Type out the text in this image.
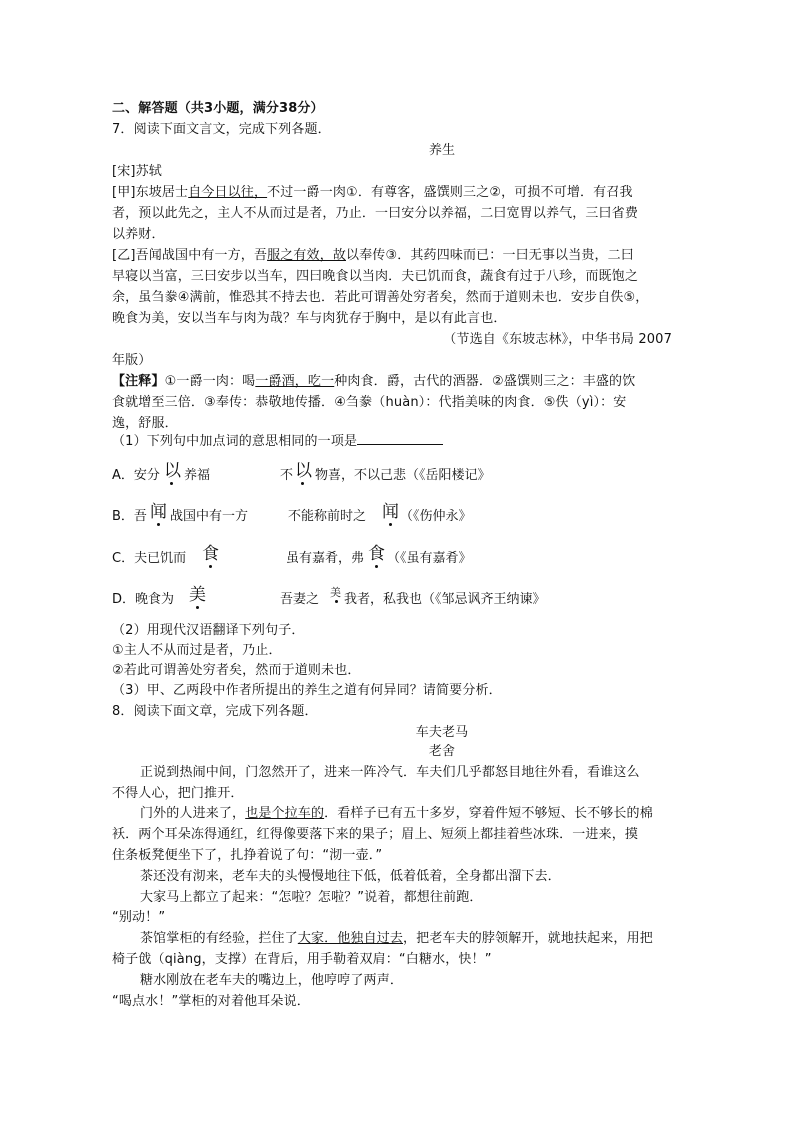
二、解答题（共3小题，满分38分）
7．阅读下面文言文，完成下列各题．
养生
[宋]苏轼
[甲]东坡居士自今日以往，不过一爵一肉①．有尊客，盛馔则三之②，可损不可增．有召我
者，预以此先之，主人不从而过是者，乃止．一曰安分以养福，二曰宽胃以养气，三曰省费
以养财．
[乙]吾闻战国中有一方，吾服之有效，故以奉传③．其药四味而已：一曰无事以当贵，二曰
早寝以当富，三曰安步以当车，四曰晚食以当肉．夫已饥而食，蔬食有过于八珍，而既饱之
余，虽刍豢④满前，惟恐其不持去也．若此可谓善处穷者矣，然而于道则未也．安步自佚⑤，
晚食为美，安以当车与肉为哉？车与肉犹存于胸中，是以有此言也．
（节选自《东坡志林》，中华书局 2007
年版）
【注释】①一爵一肉：喝一爵酒，吃一种肉食．爵，古代的酒器．②盛馔则三之：丰盛的饮
食就增至三倍．③奉传：恭敬地传播．④刍豢（huàn）：代指美味的肉食．⑤佚（yì）：安
逸，舒服．
（1）下列句中加点词的意思相同的一项是
A．安分 以 养福	不 以 物喜，不以己悲（《岳阳楼记》
B．吾 闻 战国中有一方	不能称前时之 闻 （《伤仲永》
C．夫已饥而 食	虽有嘉肴，弗 食 （《虽有嘉肴》
D．晚食为 美	吾妻之 美 我者，私我也（《邹忌讽齐王纳谏》
（2）用现代汉语翻译下列句子．
①主人不从而过是者，乃止．
②若此可谓善处穷者矣，然而于道则未也．
（3）甲、乙两段中作者所提出的养生之道有何异同？请简要分析．
8．阅读下面文章，完成下列各题．
车夫老马
老舍
正说到热闹中间，门忽然开了，进来一阵冷气．车夫们几乎都怒目地往外看，看谁这么
不得人心，把门推开．
门外的人进来了，也是个拉车的．看样子已有五十多岁，穿着件短不够短、长不够长的棉
袄．两个耳朵冻得通红，红得像要落下来的果子；眉上、短须上都挂着些冰珠．一进来，摸
住条板凳便坐下了，扎挣着说了句：“沏一壶．”
茶还没有沏来，老车夫的头慢慢地往下低，低着低着，全身都出溜下去．
大家马上都立了起来：“怎啦？怎啦？”说着，都想往前跑．
“别动！”
茶馆掌柜的有经验，拦住了大家．他独自过去，把老车夫的脖领解开，就地扶起来，用把
椅子戗（qiàng，支撑）在背后，用手勒着双肩：“白糖水，快！”
糖水刚放在老车夫的嘴边上，他哼哼了两声．
“喝点水！”掌柜的对着他耳朵说．
